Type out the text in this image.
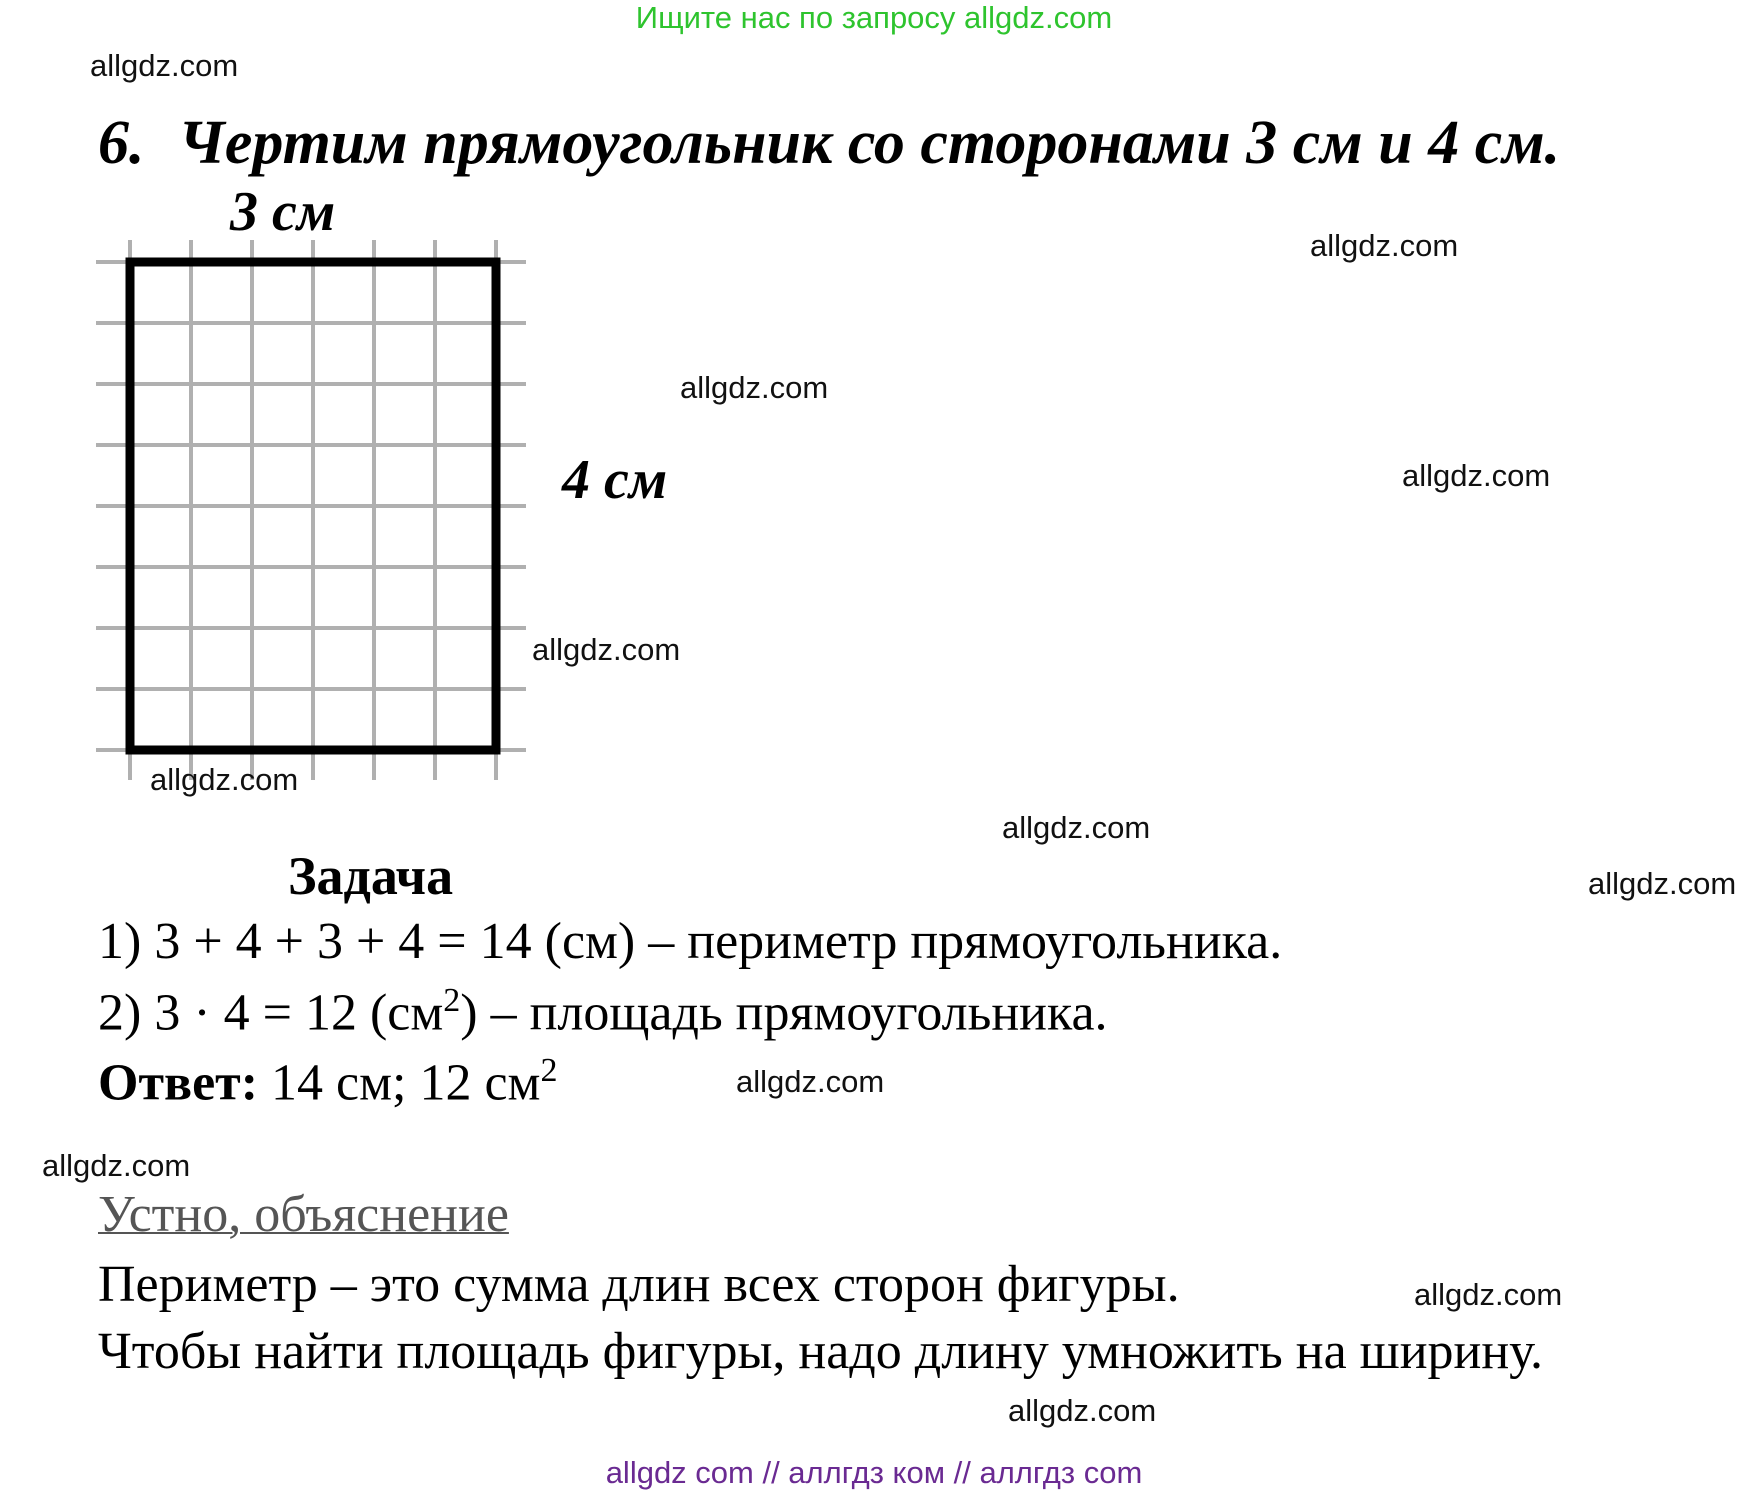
Ищите нас по запросу allgdz.com
6. Чертим прямоугольник со сторонами 3 см и 4 см.
3 см
4 см
Задача
1) 3 + 4 + 3 + 4 = 14 (см) – периметр прямоугольника.
2) 3 · 4 = 12 $(см^2)$ – площадь прямоугольника.
Ответ: 14 см; 12 $см^2$
Устно, объяснение
Периметр – это сумма длин всех сторон фигуры.
Чтобы найти площадь фигуры, надо длину умножить на ширину.
allgdz.com
allgdz.com
allgdz.com
allgdz.com
allgdz.com
allgdz.com
allgdz.com
allgdz.com
allgdz.com
allgdz.com
allgdz.com
allgdz.com
allgdz com // аллгдз ком // аллгдз com
